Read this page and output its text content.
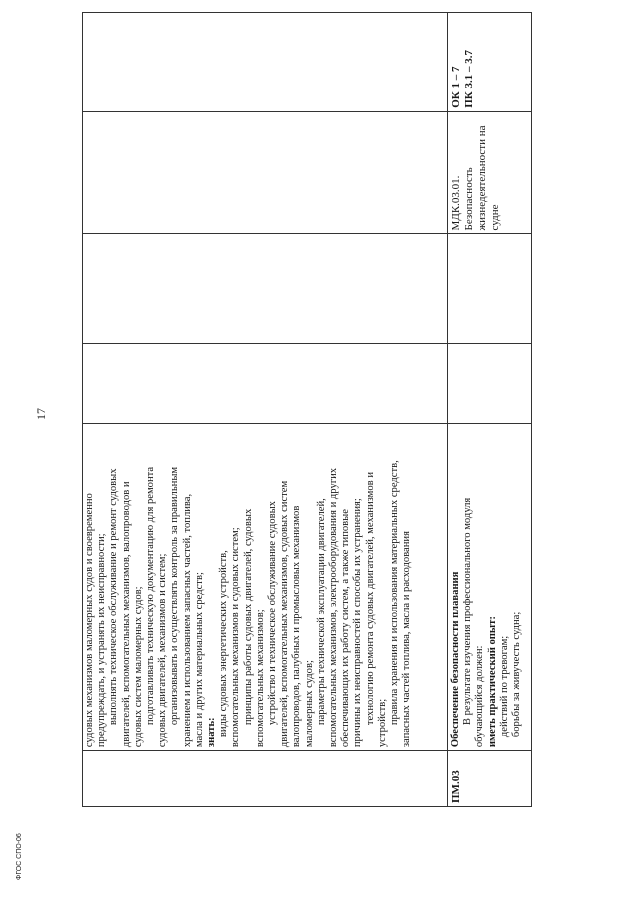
17
ПМ.03

судовых механизмов маломерных судов и своевременно предупреждать, и устранять их неисправности; выполнять техническое обслуживание и ремонт судовых двигателей, вспомогательных механизмов, валопроводов и судовых систем маломерных судов; подготавливать техническую документацию для ремонта судовых двигателей, механизмов и систем; организовывать и осуществлять контроль за правильным хранением и использованием запасных частей, топлива, масла и других материальных средств; знать: виды судовых энергетических устройств, вспомогательных механизмов и судовых систем; принципы работы судовых двигателей, судовых вспомогательных механизмов; устройство и техническое обслуживание судовых двигателей, вспомогательных механизмов, судовых систем валопроводов, палубных и промысловых механизмов маломерных судов; параметры технической эксплуатации двигателей, вспомогательных механизмов, электрооборудования и других обеспечивающих их работу систем, а также типовые причины их неисправностей и способы их устранения; технологию ремонта судовых двигателей, механизмов и устройств; правила хранения и использования материальных средств, запасных частей топлива, масла и расходования	Обеспечение безопасности плавания В результате изучения профессионального модуля обучающийся должен: иметь практический опыт: действий по тревогам; борьбы за живучесть судна;

МДК.03.01. Безопасность жизнедеятельности на судне
ОК 1 – 7 ПК 3.1 – 3.7
ФГОС СПО-06
